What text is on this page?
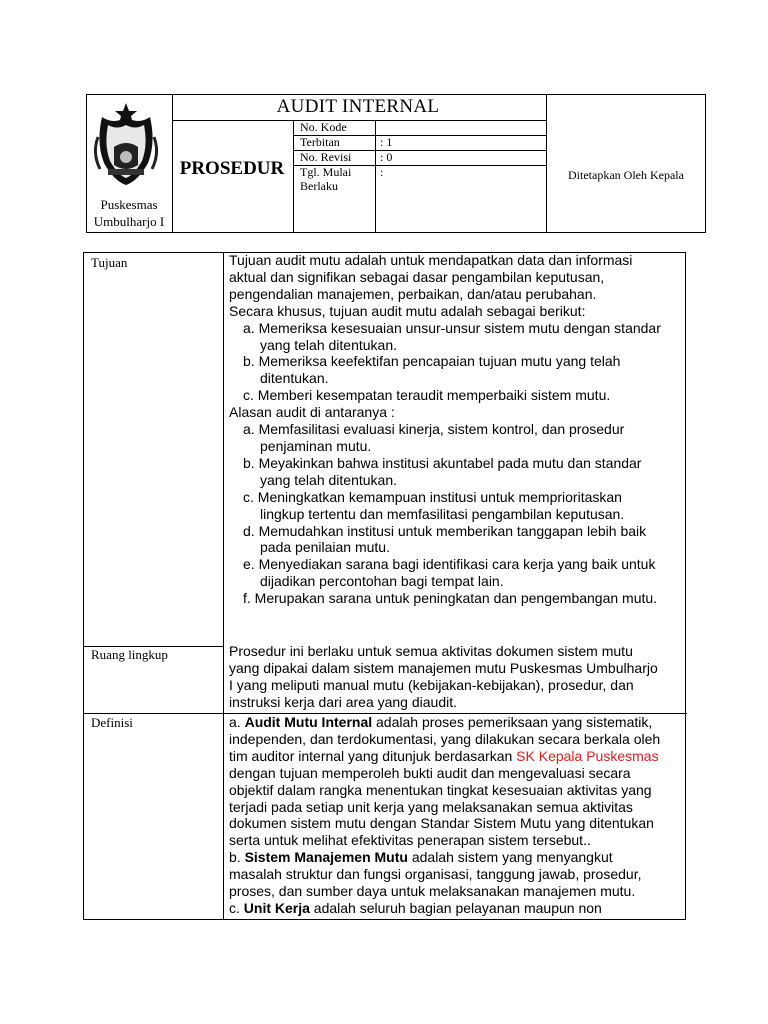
Puskesmas
Umbulharjo I
AUDIT INTERNAL
PROSEDUR
No. Kode
Terbitan
No. Revisi
Tgl. Mulai
Berlaku
: 1
: 0
:	Ditetapkan Oleh Kepala
Tujuan
Ruang lingkup
Definisi

Tujuan audit mutu adalah untuk mendapatkan data dan informasi

aktual dan signifikan sebagai dasar pengambilan keputusan,

pengendalian manajemen, perbaikan, dan/atau perubahan.

Secara khusus, tujuan audit mutu adalah sebagai berikut:

a. Memeriksa kesesuaian unsur-unsur sistem mutu dengan standar

yang telah ditentukan.

b. Memeriksa keefektifan pencapaian tujuan mutu yang telah

ditentukan.

c. Memberi kesempatan teraudit memperbaiki sistem mutu.

Alasan audit di antaranya :

a. Memfasilitasi evaluasi kinerja, sistem kontrol, dan prosedur

penjaminan mutu.

b. Meyakinkan bahwa institusi akuntabel pada mutu dan standar

yang telah ditentukan.

c. Meningkatkan kemampuan institusi untuk memprioritaskan

lingkup tertentu dan memfasilitasi pengambilan keputusan.

d. Memudahkan institusi untuk memberikan tanggapan lebih baik

pada penilaian mutu.

e. Menyediakan sarana bagi identifikasi cara kerja yang baik untuk

dijadikan percontohan bagi tempat lain.

f. Merupakan sarana untuk peningkatan dan pengembangan mutu.

Prosedur ini berlaku untuk semua aktivitas dokumen sistem mutu

yang dipakai dalam sistem manajemen mutu Puskesmas Umbulharjo

I yang meliputi manual mutu (kebijakan-kebijakan), prosedur, dan

instruksi kerja dari area yang diaudit.

a. Audit Mutu Internal adalah proses pemeriksaan yang sistematik,

independen, dan terdokumentasi, yang dilakukan secara berkala oleh

tim auditor internal yang ditunjuk berdasarkan SK Kepala Puskesmas

dengan tujuan memperoleh bukti audit dan mengevaluasi secara

objektif dalam rangka menentukan tingkat kesesuaian aktivitas yang

terjadi pada setiap unit kerja yang melaksanakan semua aktivitas

dokumen sistem mutu dengan Standar Sistem Mutu yang ditentukan

serta untuk melihat efektivitas penerapan sistem tersebut..

b. Sistem Manajemen Mutu adalah sistem yang menyangkut

masalah struktur dan fungsi organisasi, tanggung jawab, prosedur,

proses, dan sumber daya untuk melaksanakan manajemen mutu.

c. Unit Kerja adalah seluruh bagian pelayanan maupun non
